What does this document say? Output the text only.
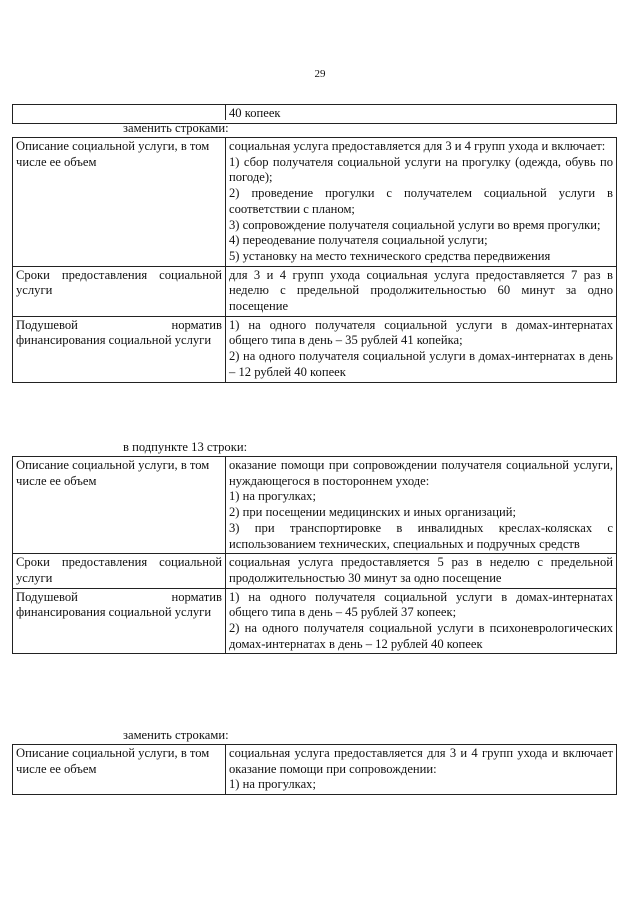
29
40 копеек
заменить строками:
Описание социальной услуги, в том числе ее объем
социальная услуга предоставляется для 3 и 4 групп ухода и включает:
1) сбор получателя социальной услуги на прогулку (одежда, обувь по погоде);
2) проведение прогулки с получателем социальной услуги в соответствии с планом;
3) сопровождение получателя социальной услуги во время прогулки;
4) переодевание получателя социальной услуги;
5) установку на место технического средства передвижения
Сроки предоставления социальной услуги
для 3 и 4 групп ухода социальная услуга предоставляется 7 раз в неделю с предельной продолжительностью 60 минут за одно посещение
Подушевой норматив финансирования социальной услуги
1) на одного получателя социальной услуги в домах-интернатах общего типа в день – 35 рублей 41 копейка;
2) на одного получателя социальной услуги в домах-интернатах в день – 12 рублей 40 копеек
в подпункте 13 строки:
Описание социальной услуги, в том числе ее объем
оказание помощи при сопровождении получателя социальной услуги, нуждающегося в постороннем уходе:
1) на прогулках;
2) при посещении медицинских и иных организаций;
3) при транспортировке в инвалидных креслах-колясках с использованием технических, специальных и подручных средств
Сроки предоставления социальной услуги
социальная услуга предоставляется 5 раз в неделю с предельной продолжительностью 30 минут за одно посещение
Подушевой норматив финансирования социальной услуги
1) на одного получателя социальной услуги в домах-интернатах общего типа в день – 45 рублей 37 копеек;
2) на одного получателя социальной услуги в психоневрологических домах-интернатах в день – 12 рублей 40 копеек
заменить строками:
Описание социальной услуги, в том числе ее объем
социальная услуга предоставляется для 3 и 4 групп ухода и включает оказание помощи при сопровождении:
1) на прогулках;
